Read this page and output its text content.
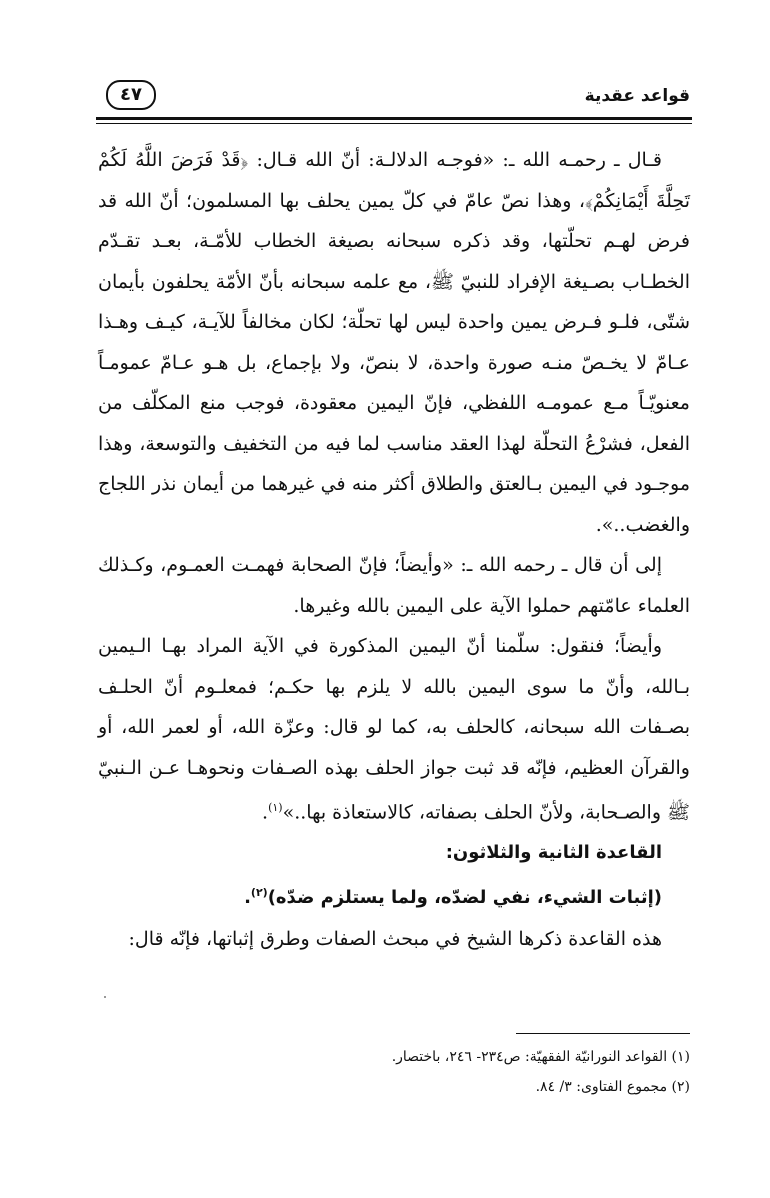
قواعد عقدية
٤٧

قـال ـ رحمـه الله ـ: «فوجـه الدلالـة: أنّ الله قـال: ﴿قَدْ فَرَضَ اللَّهُ لَكُمْ تَحِلَّةَ أَيْمَانِكُمْ﴾، وهذا نصّ عامّ في كلّ يمين يحلف بها المسلمون؛ أنّ الله قد فرض لهـم تحلّتها، وقد ذكره سبحانه بصيغة الخطاب للأمّـة، بعـد تقـدّم الخطـاب بصـيغة الإفراد للنبيّ ﷺ، مع علمه سبحانه بأنّ الأمّة يحلفون بأيمان شتّى، فلـو فـرض يمين واحدة ليس لها تحلّة؛ لكان مخالفاً للآيـة، كيـف وهـذا عـامّ لا يخـصّ منـه صورة واحدة، لا بنصّ، ولا بإجماع، بل هـو عـامّ عمومـاً معنويّـاً مـع عمومـه اللفظي، فإنّ اليمين معقودة، فوجب منع المكلّف من الفعل، فشرْعُ التحلّة لهذا العقد مناسب لما فيه من التخفيف والتوسعة، وهذا موجـود في اليمين بـالعتق والطلاق أكثر منه في غيرهما من أيمان نذر اللجاج والغضب..».

إلى أن قال ـ رحمه الله ـ: «وأيضاً؛ فإنّ الصحابة فهمـت العمـوم، وكـذلك العلماء عامّتهم حملوا الآية على اليمين بالله وغيرها.

وأيضاً؛ فنقول: سلّمنا أنّ اليمين المذكورة في الآية المراد بهـا الـيمين بـالله، وأنّ ما سوى اليمين بالله لا يلزم بها حكـم؛ فمعلـوم أنّ الحلـف بصـفات الله سبحانه، كالحلف به، كما لو قال: وعزّة الله، أو لعمر الله، أو والقرآن العظيم، فإنّه قد ثبت جواز الحلف بهذه الصـفات ونحوهـا عـن الـنبيّ ﷺ والصـحابة، ولأنّ الحلف بصفاته، كالاستعاذة بها..»$^{(١)}$.

القاعدة الثانية والثلاثون:

(إثبات الشيء، نفي لضدّه، ولما يستلزم ضدّه)$^{(٢)}$.

هذه القاعدة ذكرها الشيخ في مبحث الصفات وطرق إثباتها، فإنّه قال:

(١) القواعد النورانيّة الفقهيّة: ص٢٣٤- ٢٤٦، باختصار.
(٢) مجموع الفتاوى: ٣/ ٨٤.
